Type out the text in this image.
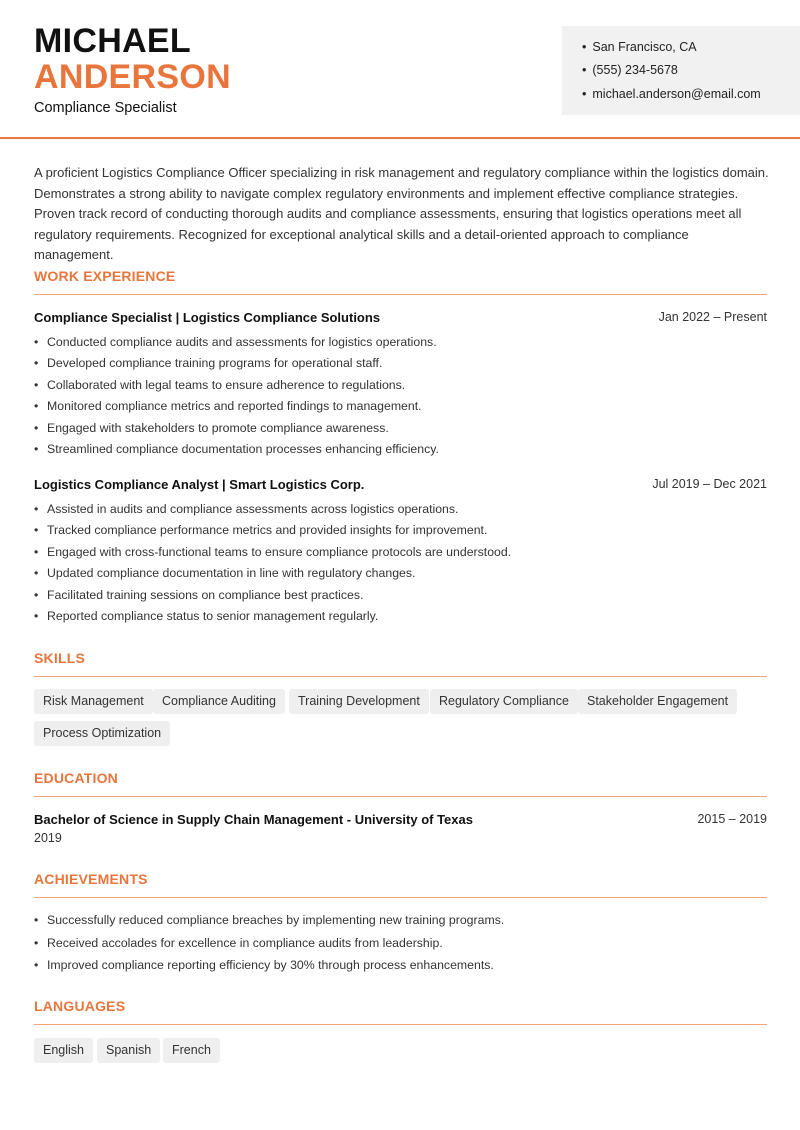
MICHAEL
ANDERSON
Compliance Specialist
• San Francisco, CA
• (555) 234-5678
• michael.anderson@email.com
A proficient Logistics Compliance Officer specializing in risk management and regulatory compliance within the logistics domain. Demonstrates a strong ability to navigate complex regulatory environments and implement effective compliance strategies. Proven track record of conducting thorough audits and compliance assessments, ensuring that logistics operations meet all regulatory requirements. Recognized for exceptional analytical skills and a detail-oriented approach to compliance management.
WORK EXPERIENCE
Compliance Specialist | Logistics Compliance Solutions	Jan 2022 – Present
• Conducted compliance audits and assessments for logistics operations.
• Developed compliance training programs for operational staff.
• Collaborated with legal teams to ensure adherence to regulations.
• Monitored compliance metrics and reported findings to management.
• Engaged with stakeholders to promote compliance awareness.
• Streamlined compliance documentation processes enhancing efficiency.
Logistics Compliance Analyst | Smart Logistics Corp.	Jul 2019 – Dec 2021
• Assisted in audits and compliance assessments across logistics operations.
• Tracked compliance performance metrics and provided insights for improvement.
• Engaged with cross-functional teams to ensure compliance protocols are understood.
• Updated compliance documentation in line with regulatory changes.
• Facilitated training sessions on compliance best practices.
• Reported compliance status to senior management regularly.
SKILLS
Risk Management	Compliance Auditing	Training Development	Regulatory Compliance	Stakeholder Engagement
Process Optimization
EDUCATION
Bachelor of Science in Supply Chain Management - University of Texas	2015 – 2019
2019
ACHIEVEMENTS
• Successfully reduced compliance breaches by implementing new training programs.
• Received accolades for excellence in compliance audits from leadership.
• Improved compliance reporting efficiency by 30% through process enhancements.
LANGUAGES
English	Spanish	French
